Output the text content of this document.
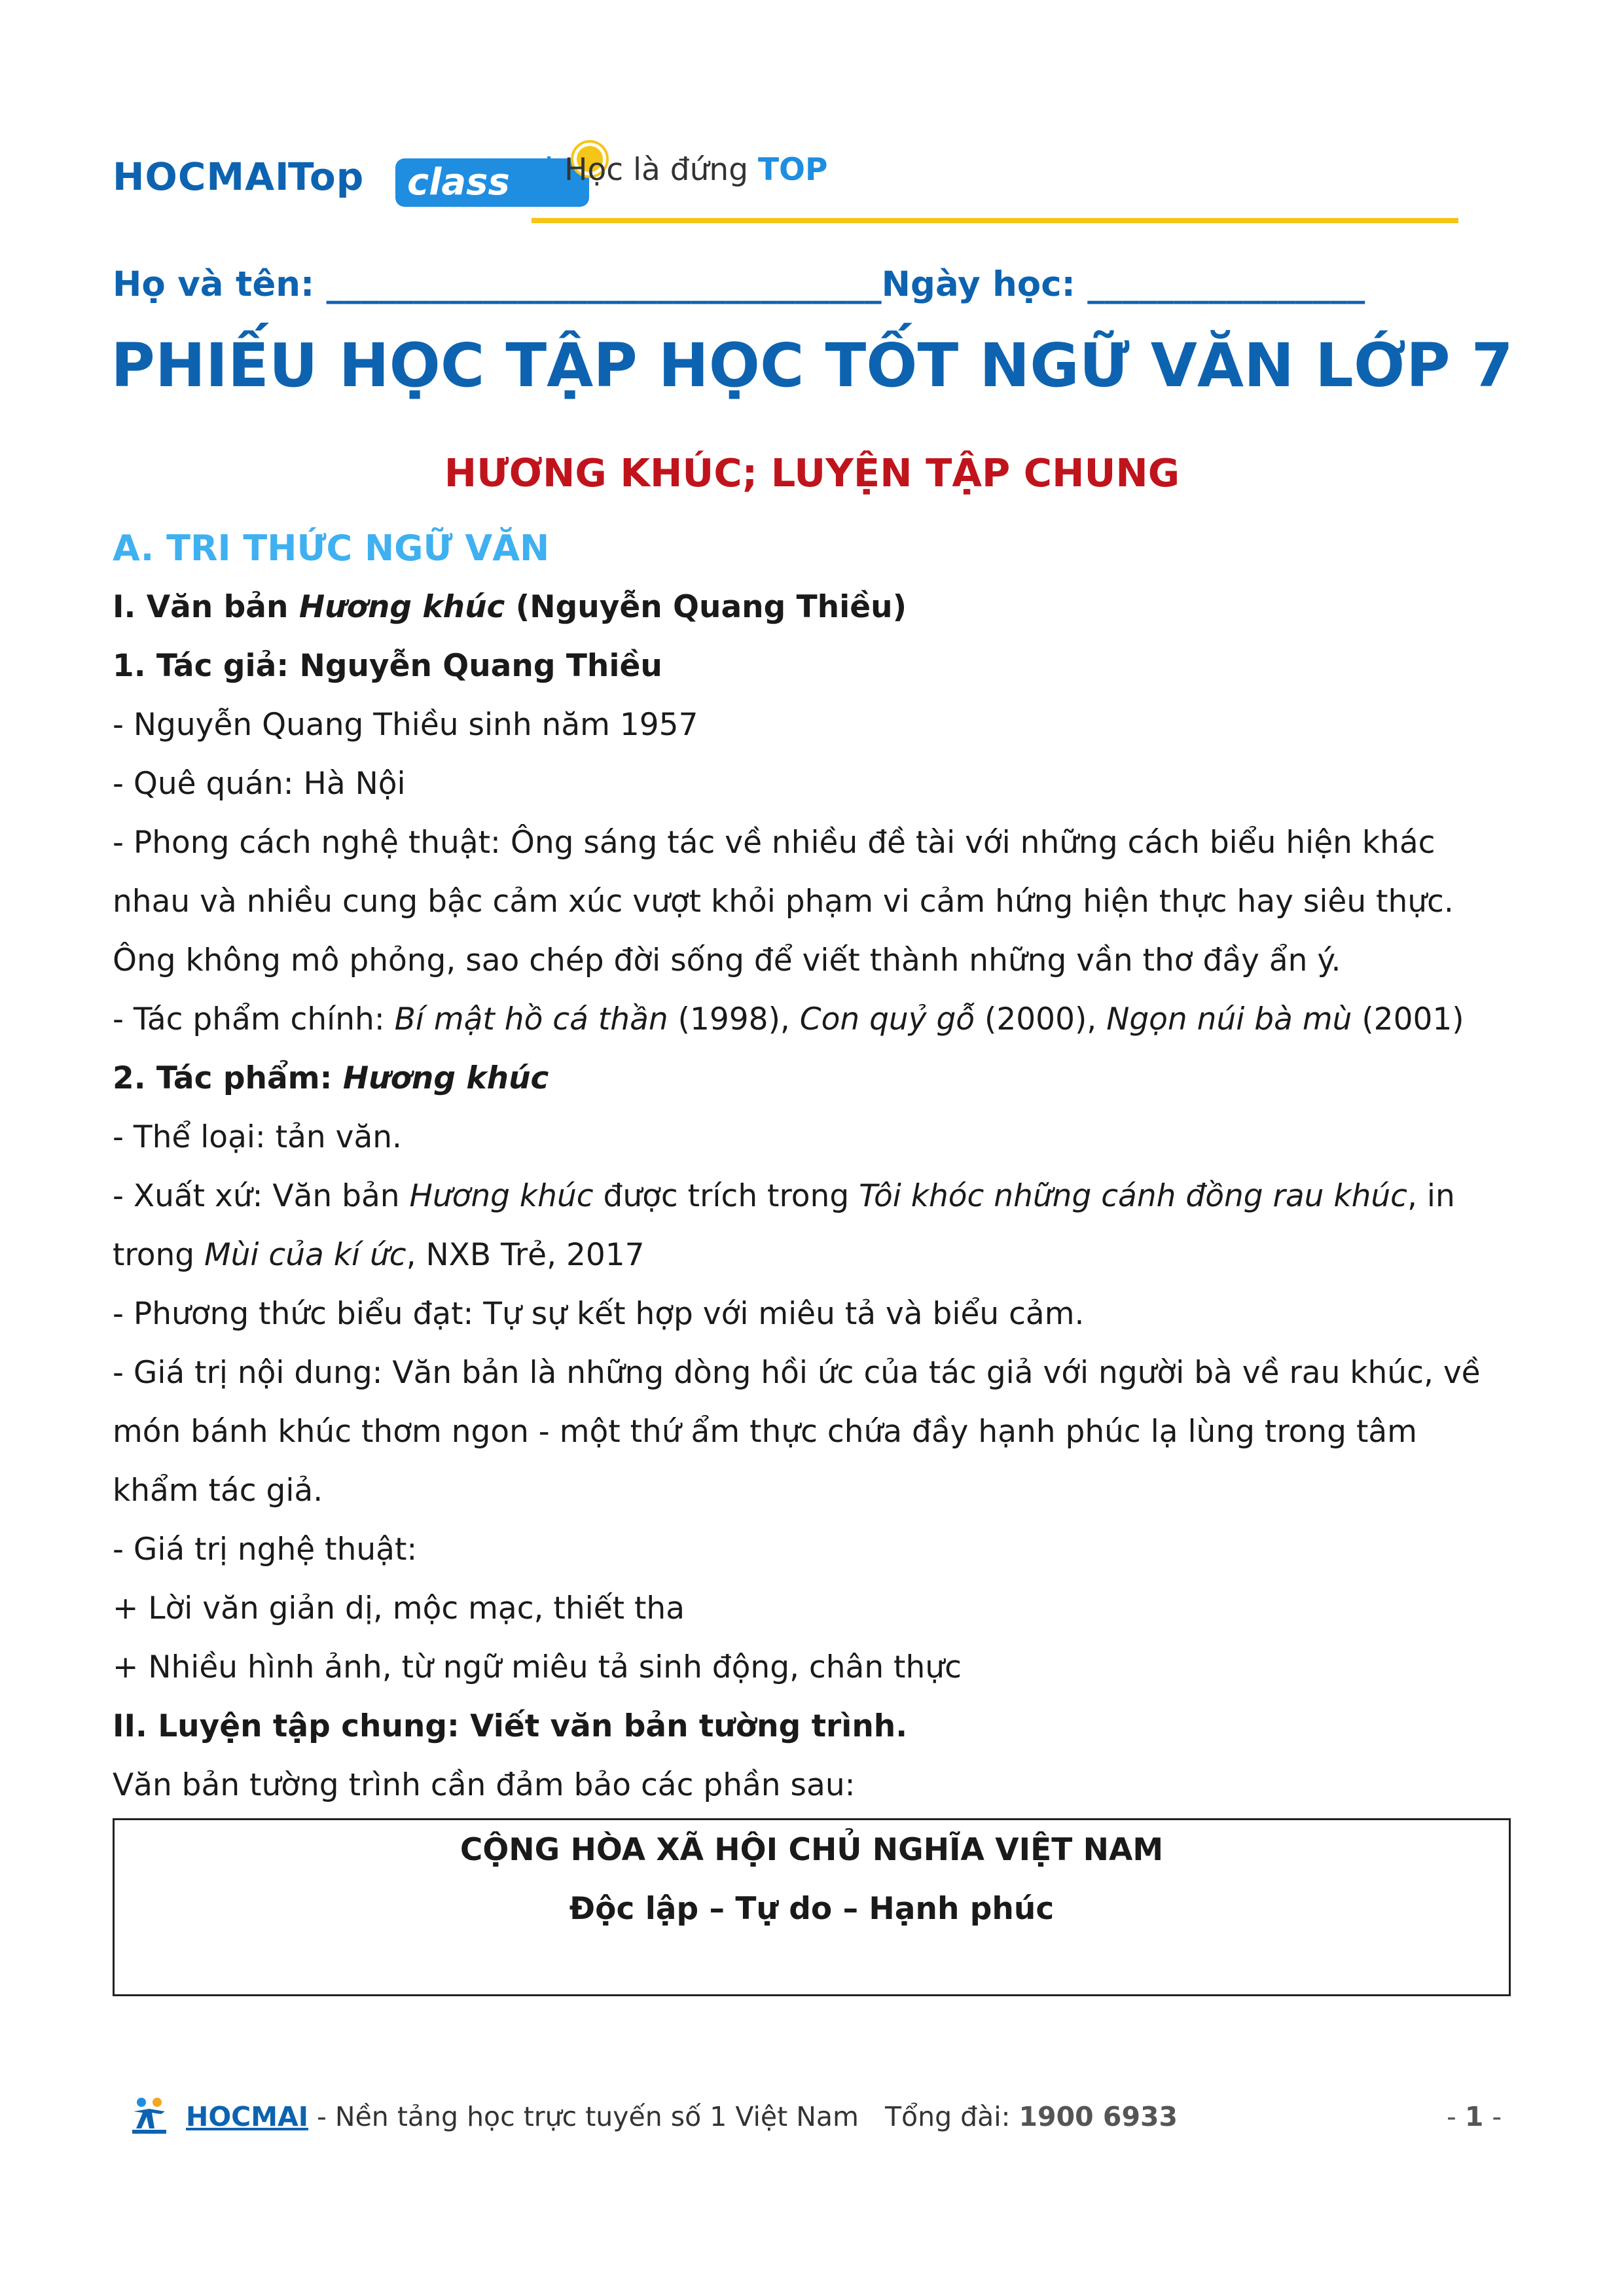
HOCMAI
Top class | Học là đứng TOP
Họ và tên: ________________________________Ngày học: ________________
PHIẾU HỌC TẬP HỌC TỐT NGỮ VĂN LỚP 7
HƯƠNG KHÚC; LUYỆN TẬP CHUNG
A. TRI THỨC NGỮ VĂN
I. Văn bản Hương khúc (Nguyễn Quang Thiều)
1. Tác giả: Nguyễn Quang Thiều
- Nguyễn Quang Thiều sinh năm 1957
- Quê quán: Hà Nội
- Phong cách nghệ thuật: Ông sáng tác về nhiều đề tài với những cách biểu hiện khác
nhau và nhiều cung bậc cảm xúc vượt khỏi phạm vi cảm hứng hiện thực hay siêu thực.
Ông không mô phỏng, sao chép đời sống để viết thành những vần thơ đầy ẩn ý.
- Tác phẩm chính: Bí mật hồ cá thần (1998), Con quỷ gỗ (2000), Ngọn núi bà mù (2001)
2. Tác phẩm: Hương khúc
- Thể loại: tản văn.
- Xuất xứ: Văn bản Hương khúc được trích trong Tôi khóc những cánh đồng rau khúc, in
trong Mùi của kí ức, NXB Trẻ, 2017
- Phương thức biểu đạt: Tự sự kết hợp với miêu tả và biểu cảm.
- Giá trị nội dung: Văn bản là những dòng hồi ức của tác giả với người bà về rau khúc, về
món bánh khúc thơm ngon - một thứ ẩm thực chứa đầy hạnh phúc lạ lùng trong tâm
khẩm tác giả.
- Giá trị nghệ thuật:
+ Lời văn giản dị, mộc mạc, thiết tha
+ Nhiều hình ảnh, từ ngữ miêu tả sinh động, chân thực
II. Luyện tập chung: Viết văn bản tường trình.
Văn bản tường trình cần đảm bảo các phần sau:
CỘNG HÒA XÃ HỘI CHỦ NGHĨA VIỆT NAM
Độc lập – Tự do – Hạnh phúc
HOCMAI - Nền tảng học trực tuyến số 1 Việt Nam Tổng đài: 1900 6933	- 1 -
